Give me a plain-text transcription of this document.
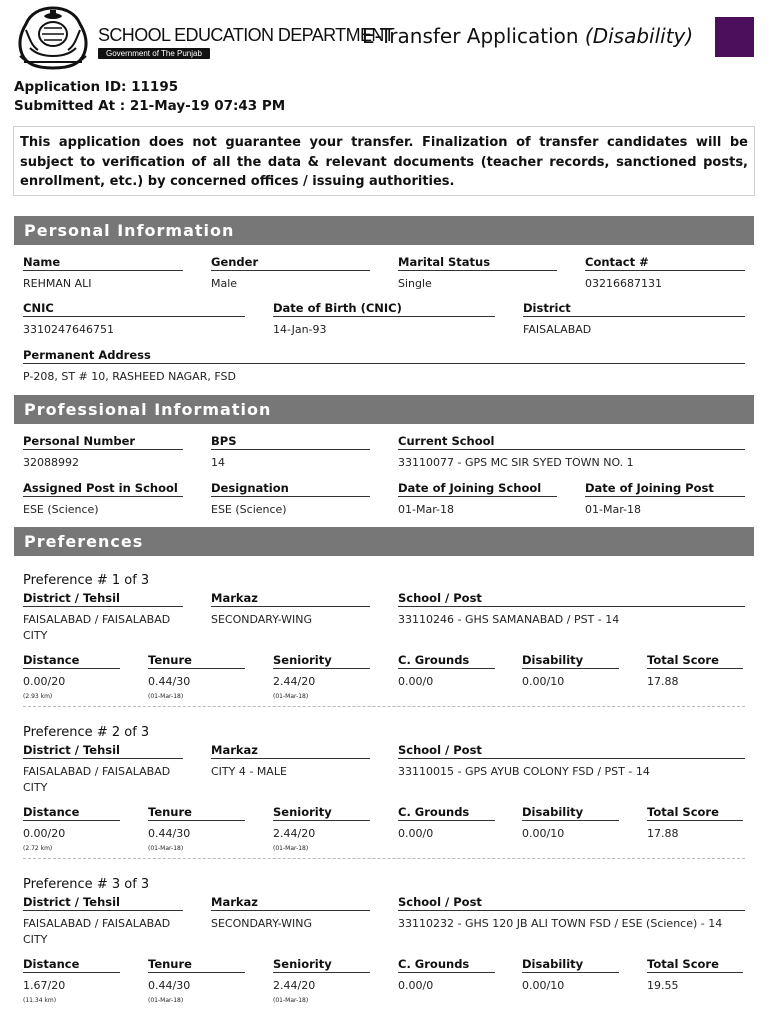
SCHOOL EDUCATION DEPARTMENT
Government of The Punjab
E-Transfer Application (Disability)
Application ID: 11195
Submitted At : 21-May-19 07:43 PM
This application does not guarantee your transfer. Finalization of transfer candidates will be subject to verification of all the data & relevant documents (teacher records, sanctioned posts, enrollment, etc.) by concerned offices / issuing authorities.
Personal Information
Name
REHMAN ALI
Gender
Male
Marital Status
Single
Contact #
03216687131
CNIC
3310247646751
Date of Birth (CNIC)
14-Jan-93
District
FAISALABAD
Permanent Address
P-208, ST # 10, RASHEED NAGAR, FSD
Professional Information
Personal Number
32088992
BPS
14
Current School
33110077 - GPS MC SIR SYED TOWN NO. 1
Assigned Post in School
ESE (Science)
Designation
ESE (Science)
Date of Joining School
01-Mar-18
Date of Joining Post
01-Mar-18
Preferences
Preference # 1 of 3
District / Tehsil
FAISALABAD / FAISALABAD CITY
Markaz
SECONDARY-WING
School / Post
33110246 - GHS SAMANABAD / PST - 14
Distance
0.00/20
(2.93 km)
Tenure
0.44/30
(01-Mar-18)
Seniority
2.44/20
(01-Mar-18)
C. Grounds
0.00/0
Disability
0.00/10
Total Score
17.88
Preference # 2 of 3
District / Tehsil
FAISALABAD / FAISALABAD CITY
Markaz
CITY 4 - MALE
School / Post
33110015 - GPS AYUB COLONY FSD / PST - 14
Distance
0.00/20
(2.72 km)
Tenure
0.44/30
(01-Mar-18)
Seniority
2.44/20
(01-Mar-18)
C. Grounds
0.00/0
Disability
0.00/10
Total Score
17.88
Preference # 3 of 3
District / Tehsil
FAISALABAD / FAISALABAD CITY
Markaz
SECONDARY-WING
School / Post
33110232 - GHS 120 JB ALI TOWN FSD / ESE (Science) - 14
Distance
1.67/20
(11.34 km)
Tenure
0.44/30
(01-Mar-18)
Seniority
2.44/20
(01-Mar-18)
C. Grounds
0.00/0
Disability
0.00/10
Total Score
19.55
